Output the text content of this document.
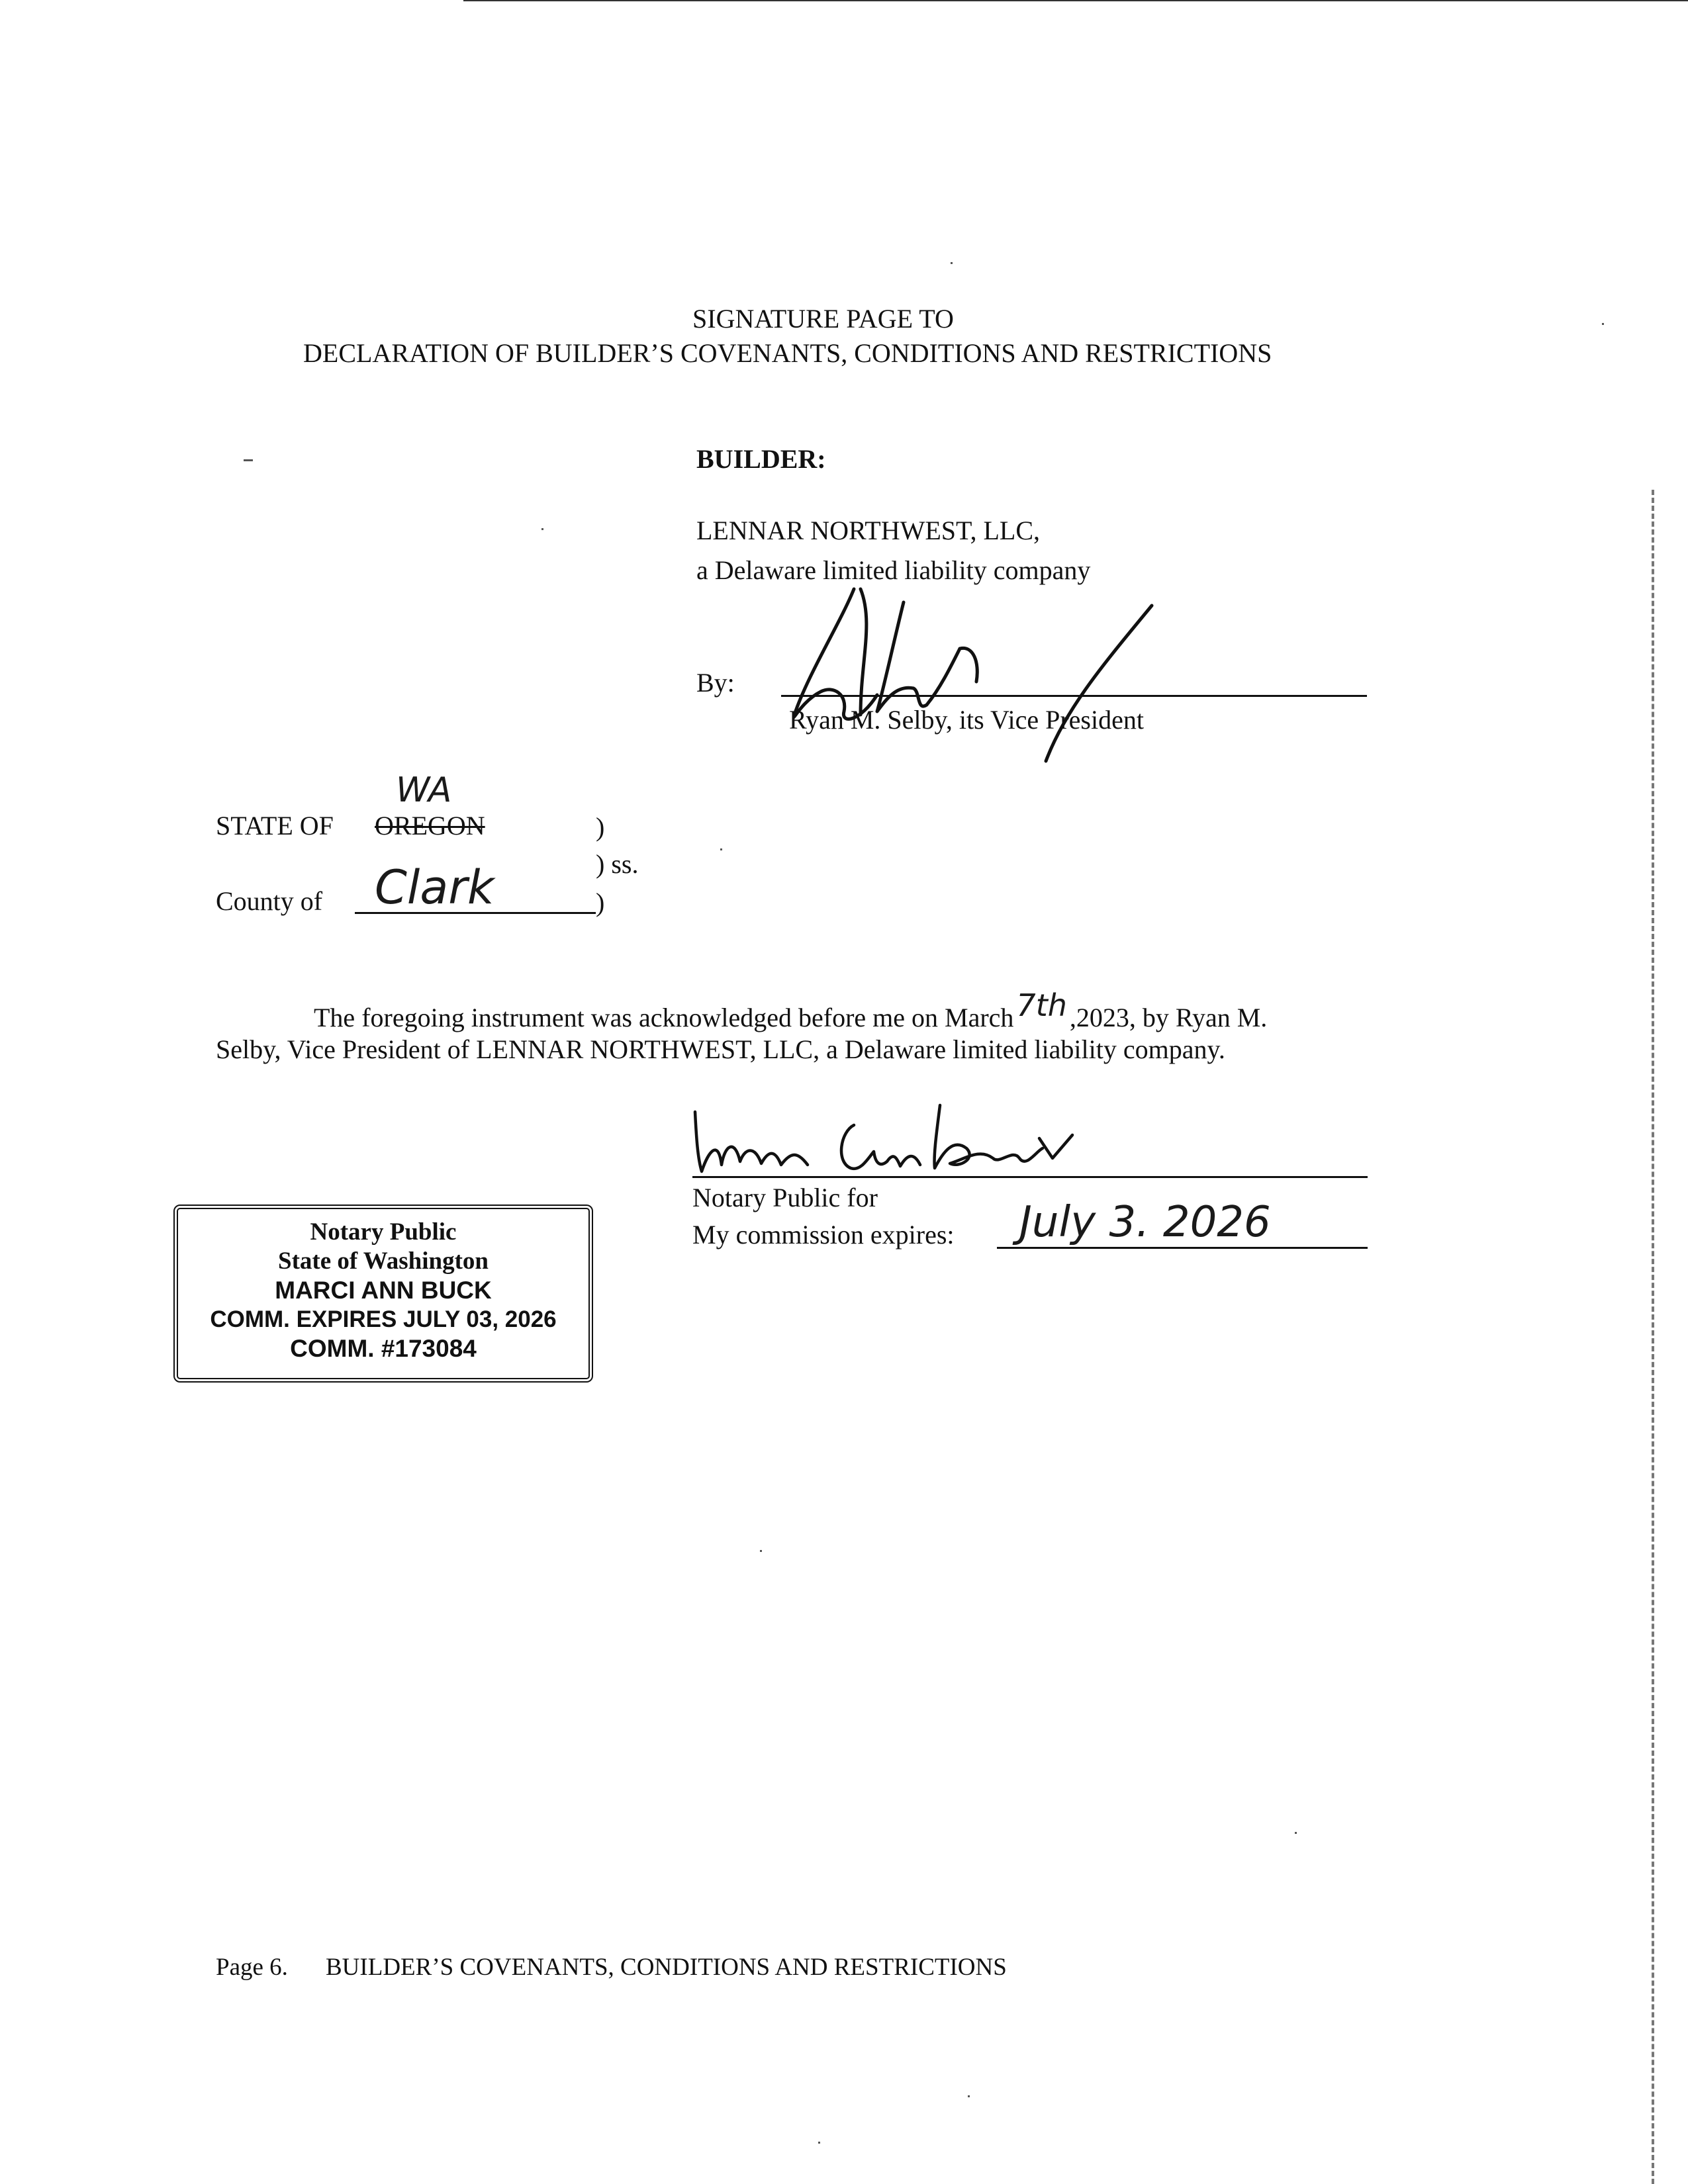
SIGNATURE PAGE TO
DECLARATION OF BUILDER’S COVENANTS, CONDITIONS AND RESTRICTIONS
BUILDER:
LENNAR NORTHWEST, LLC,
a Delaware limited liability company
By:
Ryan M. Selby, its Vice President
STATE OF OREGON
WA
)
) ss.
County of Clark	)
The foregoing instrument was acknowledged before me on March7th ,2023, by Ryan M.
Selby, Vice President of LENNAR NORTHWEST, LLC, a Delaware limited liability company.
Notary Public for
My commission expires: July 3. 2026
Notary Public
State of Washington
MARCI ANN BUCK
COMM. EXPIRES JULY 03, 2026
COMM. #173084
Page 6. BUILDER’S COVENANTS, CONDITIONS AND RESTRICTIONS
